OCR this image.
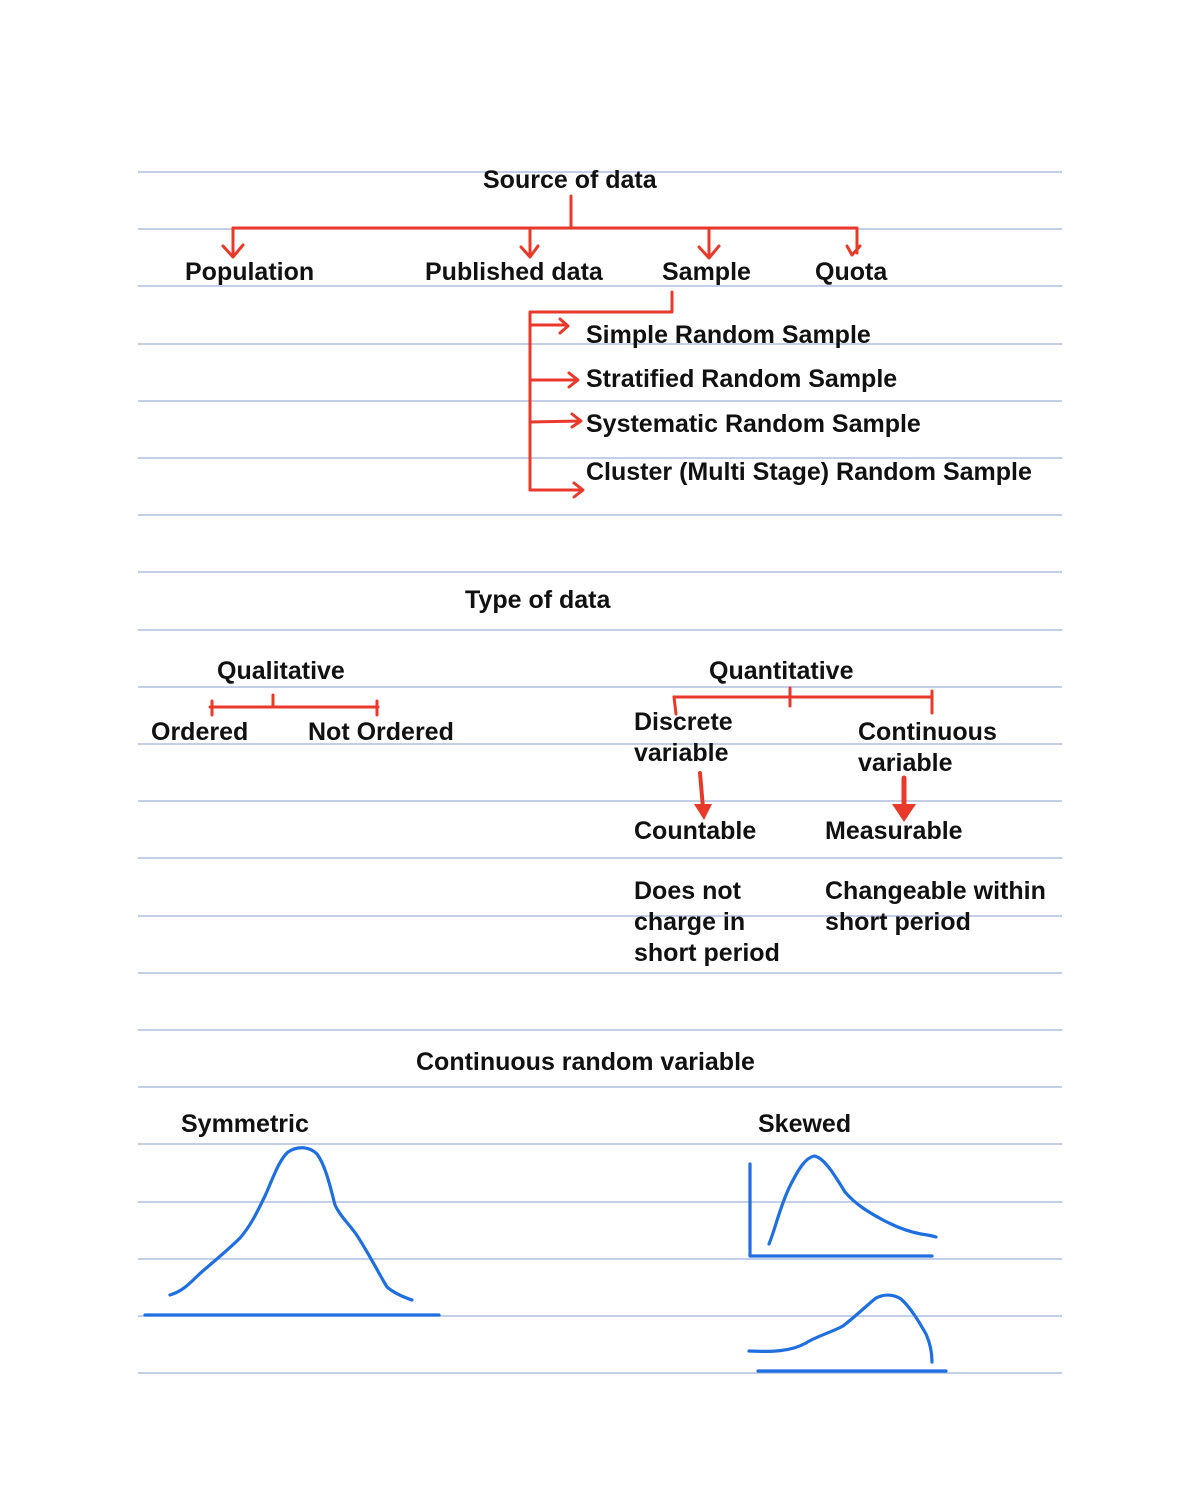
Source of data
Population	Published data Sample	Quota
Simple Random Sample
Stratified Random Sample
Systematic Random Sample
Cluster (Multi Stage) Random Sample
Type of data
Qualitative
Ordered Not Ordered
Quantitative
Discrete
variable
Continuous
variable
Countable	Measurable
Does not
charge in
short period
Changeable within
short period
Continuous random variable
Symmetric	Skewed
